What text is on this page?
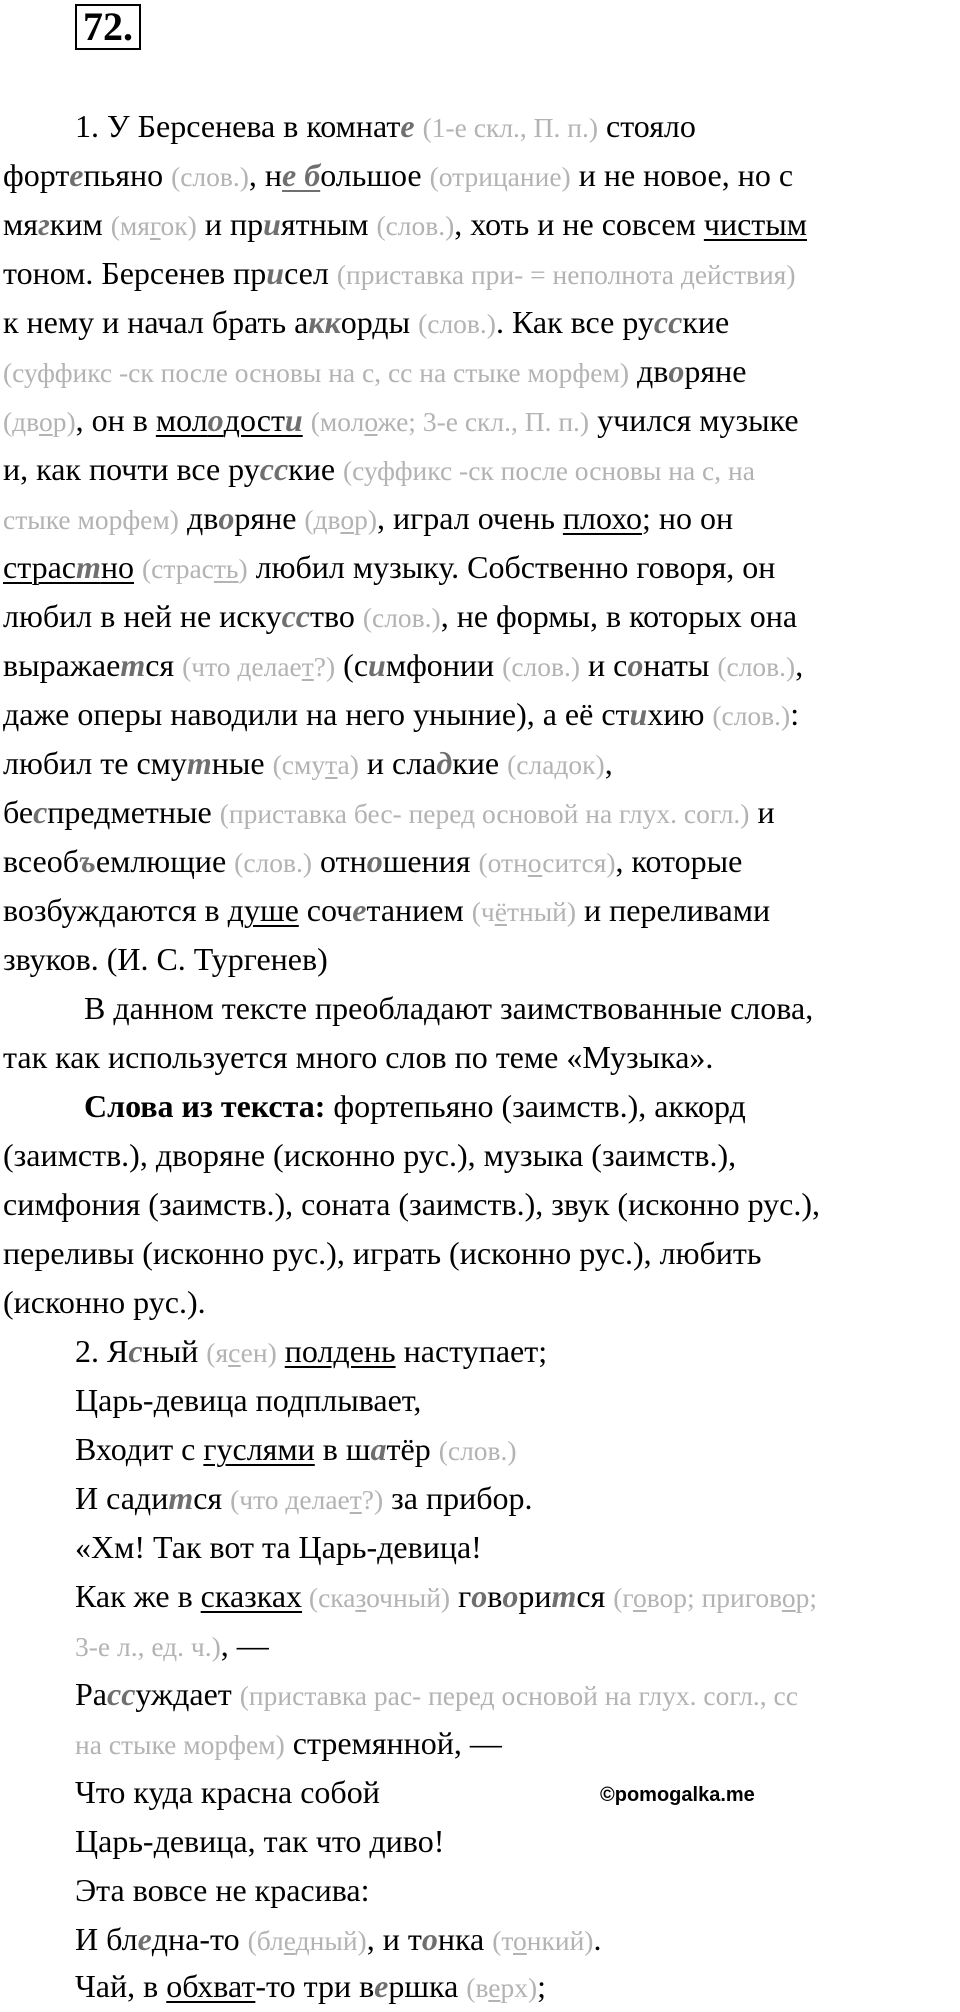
72.
1. У Берсенева в комнате (1-е скл., П. п.) стояло
фортепьяно (слов.), не большое (отрицание) и не новое, но с
мягким (мягок) и приятным (слов.), хоть и не совсем чистым
тоном. Берсенев присел (приставка при- = неполнота действия)
к нему и начал брать аккорды (слов.). Как все русские
(суффикс -ск после основы на с, сс на стыке морфем) дворяне
(двор), он в молодости (моложе; 3-е скл., П. п.) учился музыке
и, как почти все русские (суффикс -ск после основы на с, на
стыке морфем) дворяне (двор), играл очень плохо; но он
страстно (страсть) любил музыку. Собственно говоря, он
любил в ней не искусство (слов.), не формы, в которых она
выражается (что делает?) (симфонии (слов.) и сонаты (слов.),
даже оперы наводили на него уныние), а её стихию (слов.):
любил те смутные (смута) и сладкие (сладок),
беспредметные (приставка бес- перед основой на глух. согл.) и
всеобъемлющие (слов.) отношения (относится), которые
возбуждаются в душе сочетанием (чётный) и переливами
звуков. (И. С. Тургенев)
В данном тексте преобладают заимствованные слова,
так как используется много слов по теме «Музыка».
Слова из текста: фортепьяно (заимств.), аккорд
(заимств.), дворяне (исконно рус.), музыка (заимств.),
симфония (заимств.), соната (заимств.), звук (исконно рус.),
переливы (исконно рус.), играть (исконно рус.), любить
(исконно рус.).
2. Ясный (ясен) полдень наступает;
Царь-девица подплывает,
Входит с гуслями в шатёр (слов.)
И садится (что делает?) за прибор.
«Хм! Так вот та Царь-девица!
Как же в сказках (сказочный) говорится (говор; приговор;
3-е л., ед. ч.), —
Рассуждает (приставка рас- перед основой на глух. согл., сс
на стыке морфем) стремянной, —
Что куда красна собой	©pomogalka.me
Царь-девица, так что диво!
Эта вовсе не красива:
И бледна-то (бледный), и тонка (тонкий).
Чай, в обхват-то три вершка (верх);
